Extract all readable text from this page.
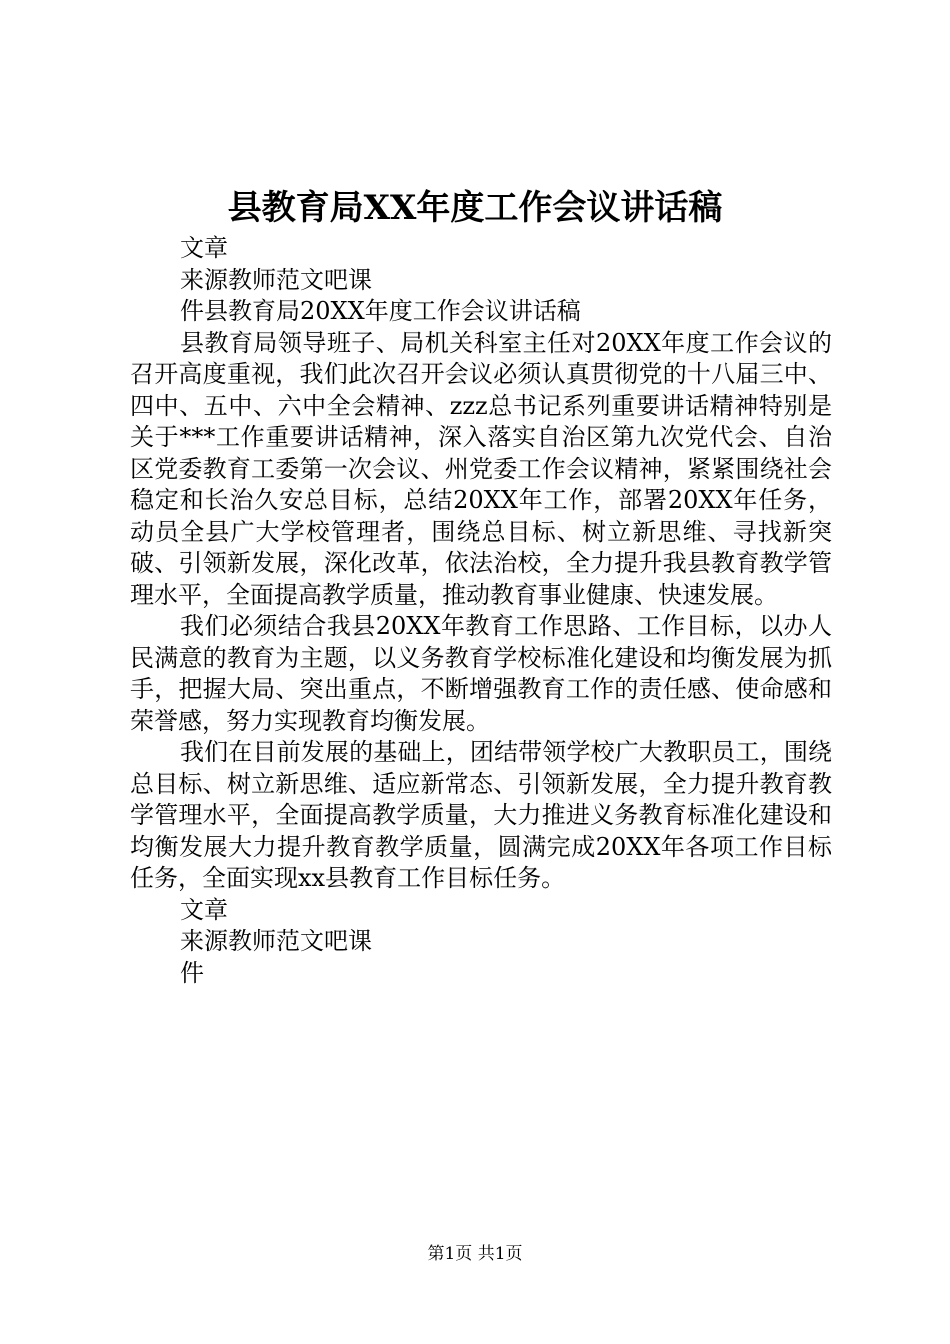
县教育局XX年度工作会议讲话稿

文章

来源教师范文吧课

件县教育局20XX年度工作会议讲话稿

县教育局领导班子、局机关科室主任对20XX年度工作会议的召开高度重视，我们此次召开会议必须认真贯彻党的十八届三中、四中、五中、六中全会精神、zzz总书记系列重要讲话精神特别是关于***工作重要讲话精神，深入落实自治区第九次党代会、自治区党委教育工委第一次会议、州党委工作会议精神，紧紧围绕社会稳定和长治久安总目标，总结20XX年工作，部署20XX年任务，动员全县广大学校管理者，围绕总目标、树立新思维、寻找新突破、引领新发展，深化改革，依法治校，全力提升我县教育教学管理水平，全面提高教学质量，推动教育事业健康、快速发展。

我们必须结合我县20XX年教育工作思路、工作目标，以办人民满意的教育为主题，以义务教育学校标准化建设和均衡发展为抓手，把握大局、突出重点，不断增强教育工作的责任感、使命感和荣誉感，努力实现教育均衡发展。

我们在目前发展的基础上，团结带领学校广大教职员工，围绕总目标、树立新思维、适应新常态、引领新发展，全力提升教育教学管理水平，全面提高教学质量，大力推进义务教育标准化建设和均衡发展大力提升教育教学质量，圆满完成20XX年各项工作目标任务，全面实现xx县教育工作目标任务。

文章

来源教师范文吧课

件

第1页 共1页
